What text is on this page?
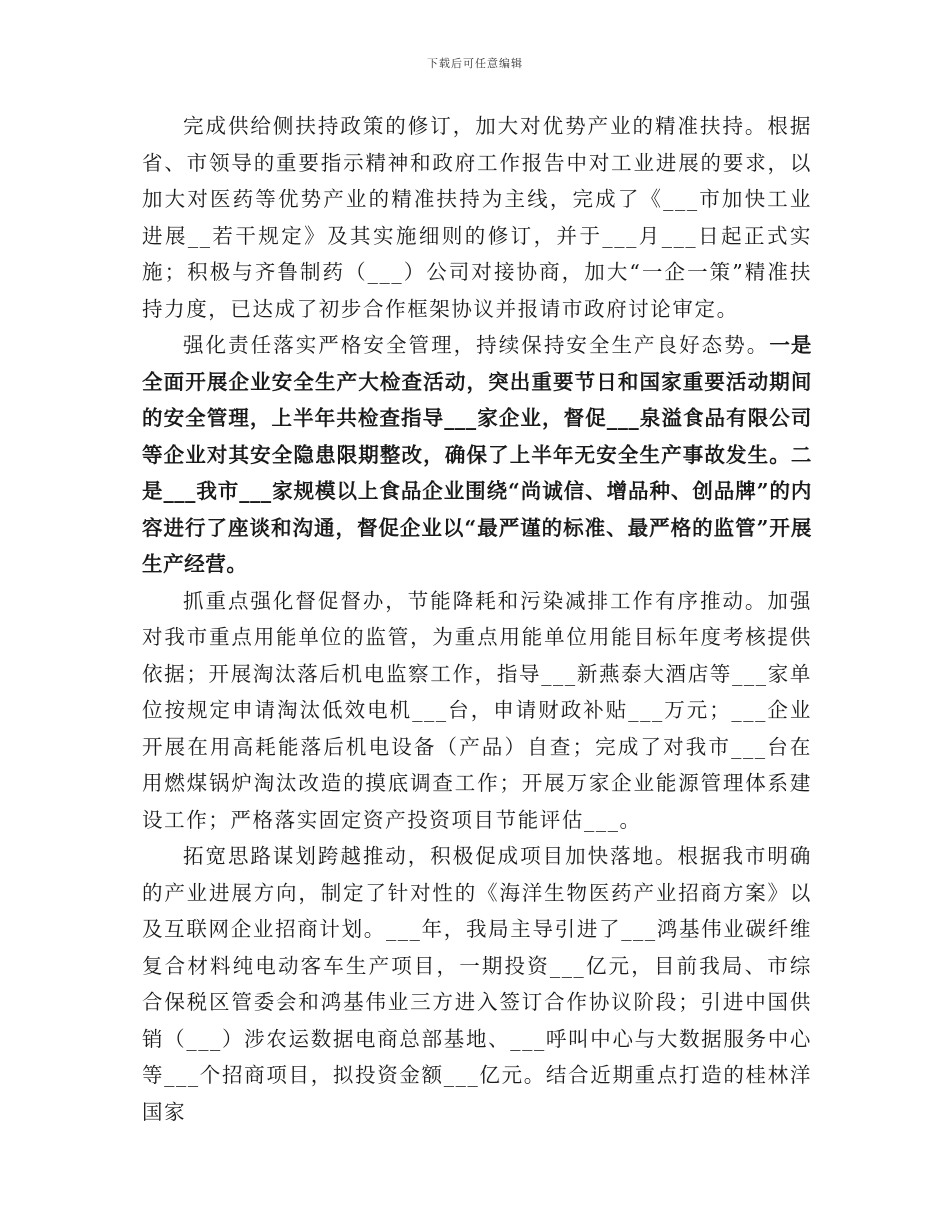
下载后可任意编辑

完成供给侧扶持政策的修订，加大对优势产业的精准扶持。根据省、市领导的重要指示精神和政府工作报告中对工业进展的要求，以加大对医药等优势产业的精准扶持为主线，完成了《___市加快工业进展__若干规定》及其实施细则的修订，并于___月___日起正式实施；积极与齐鲁制药（___）公司对接协商，加大“一企一策”精准扶持力度，已达成了初步合作框架协议并报请市政府讨论审定。

强化责任落实严格安全管理，持续保持安全生产良好态势。一是全面开展企业安全生产大检查活动，突出重要节日和国家重要活动期间的安全管理，上半年共检查指导___家企业，督促___泉溢食品有限公司等企业对其安全隐患限期整改，确保了上半年无安全生产事故发生。二是___我市___家规模以上食品企业围绕“尚诚信、增品种、创品牌”的内容进行了座谈和沟通，督促企业以“最严谨的标准、最严格的监管”开展生产经营。

抓重点强化督促督办，节能降耗和污染减排工作有序推动。加强对我市重点用能单位的监管，为重点用能单位用能目标年度考核提供依据；开展淘汰落后机电监察工作，指导___新燕泰大酒店等___家单位按规定申请淘汰低效电机___台，申请财政补贴___万元；___企业开展在用高耗能落后机电设备（产品）自查；完成了对我市___台在用燃煤锅炉淘汰改造的摸底调查工作；开展万家企业能源管理体系建设工作；严格落实固定资产投资项目节能评估___。

拓宽思路谋划跨越推动，积极促成项目加快落地。根据我市明确的产业进展方向，制定了针对性的《海洋生物医药产业招商方案》以及互联网企业招商计划。___年，我局主导引进了___鸿基伟业碳纤维复合材料纯电动客车生产项目，一期投资___亿元，目前我局、市综合保税区管委会和鸿基伟业三方进入签订合作协议阶段；引进中国供销（___）涉农运数据电商总部基地、___呼叫中心与大数据服务中心等___个招商项目，拟投资金额___亿元。结合近期重点打造的桂林洋国家
